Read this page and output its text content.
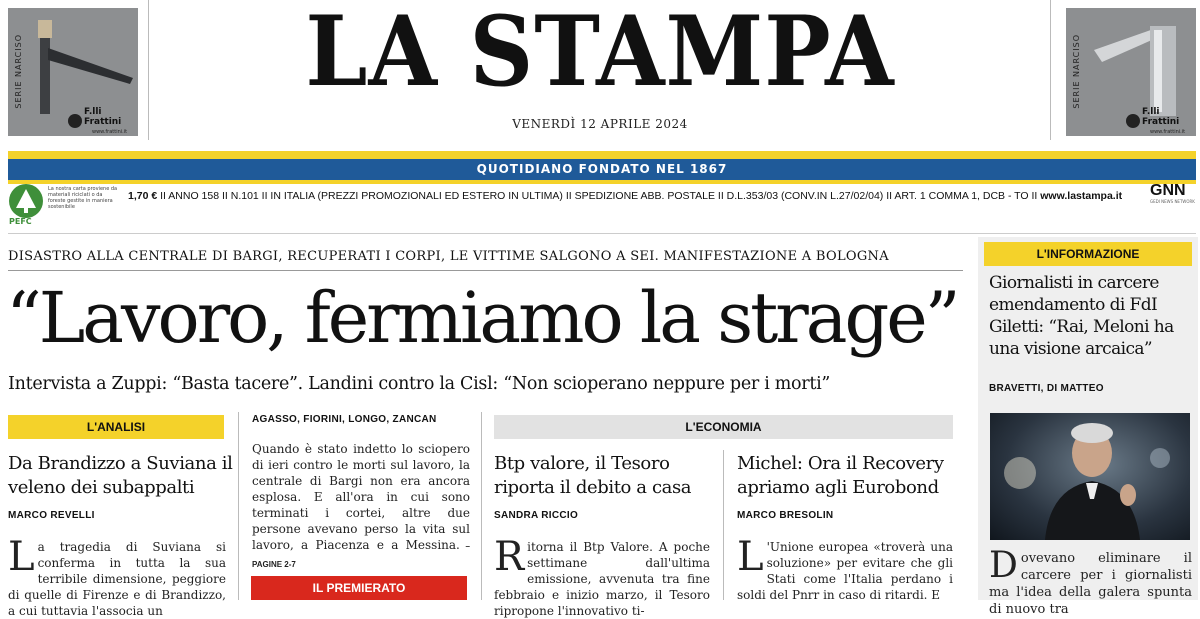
SERIE NARCISO
F.lli Frattini
www.frattini.it
LA STAMPA
VENERDÌ 12 APRILE 2024
SERIE NARCISO
F.lli Frattini
www.frattini.it
QUOTIDIANO FONDATO NEL 1867
PEFC
La nostra carta proviene da materiali riciclati o da foreste gestite in maniera sostenibile
1,70 € II ANNO 158 II N.101 II IN ITALIA (PREZZI PROMOZIONALI ED ESTERO IN ULTIMA) II SPEDIZIONE ABB. POSTALE II D.L.353/03 (CONV.IN L.27/02/04) II ART. 1 COMMA 1, DCB - TO II www.lastampa.it GNN
GEDI NEWS NETWORK
DISASTRO ALLA CENTRALE DI BARGI, RECUPERATI I CORPI, LE VITTIME SALGONO A SEI. MANIFESTAZIONE A BOLOGNA
“Lavoro, fermiamo la strage”
Intervista a Zuppi: “Basta tacere”. Landini contro la Cisl: “Non scioperano neppure per i morti”
L'ANALISI
Da Brandizzo a Suviana il veleno dei subappalti
MARCO REVELLI
La tragedia di Suviana si conferma in tutta la sua terribile dimensione, peggiore di quelle di Firenze e di Brandizzo, a cui tuttavia l'associa un
AGASSO, FIORINI, LONGO, ZANCAN
Quando è stato indetto lo sciopero di ieri contro le morti sul lavoro, la centrale di Bargi non era ancora esplosa. E all'ora in cui sono terminati i cortei, altre due persone avevano perso la vita sul lavoro, a Piacenza e a Messina. – PAGINE 2-7
IL PREMIERATO
L'ECONOMIA
Btp valore, il Tesoro riporta il debito a casa
SANDRA RICCIO
Ritorna il Btp Valore. A poche settimane dall'ultima emissione, avvenuta tra fine febbraio e inizio marzo, il Tesoro ripropone l'innovativo ti-
Michel: Ora il Recovery apriamo agli Eurobond
MARCO BRESOLIN
L 'Unione europea «troverà una soluzione» per evitare che gli Stati come l'Italia perdano i soldi del Pnrr in caso di ritardi. E
L'INFORMAZIONE
Giornalisti in carcere emendamento di FdI Giletti: “Rai, Meloni ha una visione arcaica”
BRAVETTI, DI MATTEO
Dovevano eliminare il carcere per i giornalisti ma l'idea della galera spunta di nuovo tra
